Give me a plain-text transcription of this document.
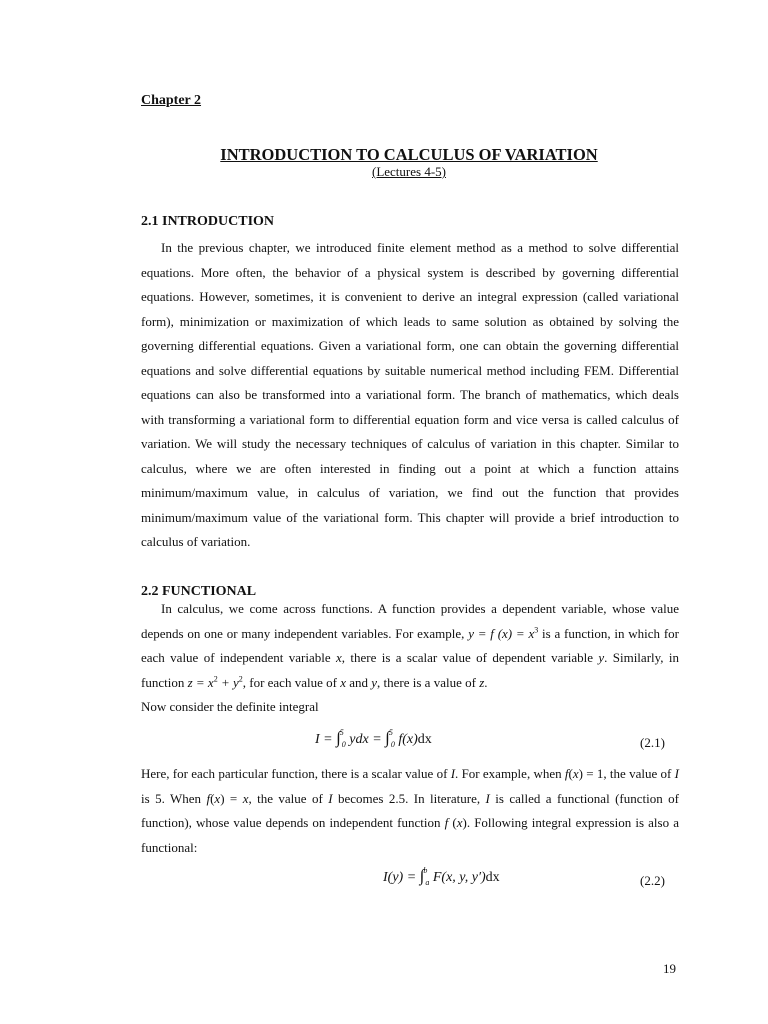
Chapter 2
INTRODUCTION TO CALCULUS OF VARIATION
(Lectures 4-5)
2.1 INTRODUCTION
In the previous chapter, we introduced finite element method as a method to solve differential equations. More often, the behavior of a physical system is described by governing differential equations. However, sometimes, it is convenient to derive an integral expression (called variational form), minimization or maximization of which leads to same solution as obtained by solving the governing differential equations. Given a variational form, one can obtain the governing differential equations and solve differential equations by suitable numerical method including FEM. Differential equations can also be transformed into a variational form. The branch of mathematics, which deals with transforming a variational form to differential equation form and vice versa is called calculus of variation. We will study the necessary techniques of calculus of variation in this chapter. Similar to calculus, where we are often interested in finding out a point at which a function attains minimum/maximum value, in calculus of variation, we find out the function that provides minimum/maximum value of the variational form. This chapter will provide a brief introduction to calculus of variation.
2.2 FUNCTIONAL
In calculus, we come across functions. A function provides a dependent variable, whose value depends on one or many independent variables. For example, y = f $(x) = x^3$ is a function, in which for each value of independent variable x, there is a scalar value of dependent variable y. Similarly, in function $z = x^2 + y^2$, for each value of x and y, there is a value of z.
Now consider the definite integral
I = ∫$^5_0$ ydx = ∫$^5_0$ f(x)dx	(2.1)
Here, for each particular function, there is a scalar value of I. For example, when f(x) = 1, the value of I is 5. When f(x) = x, the value of I becomes 2.5. In literature, I is called a functional (function of function), whose value depends on independent function f (x). Following integral expression is also a functional:
I(y) = ∫$^b_a$ F(x, y, y′)dx	(2.2)
19
